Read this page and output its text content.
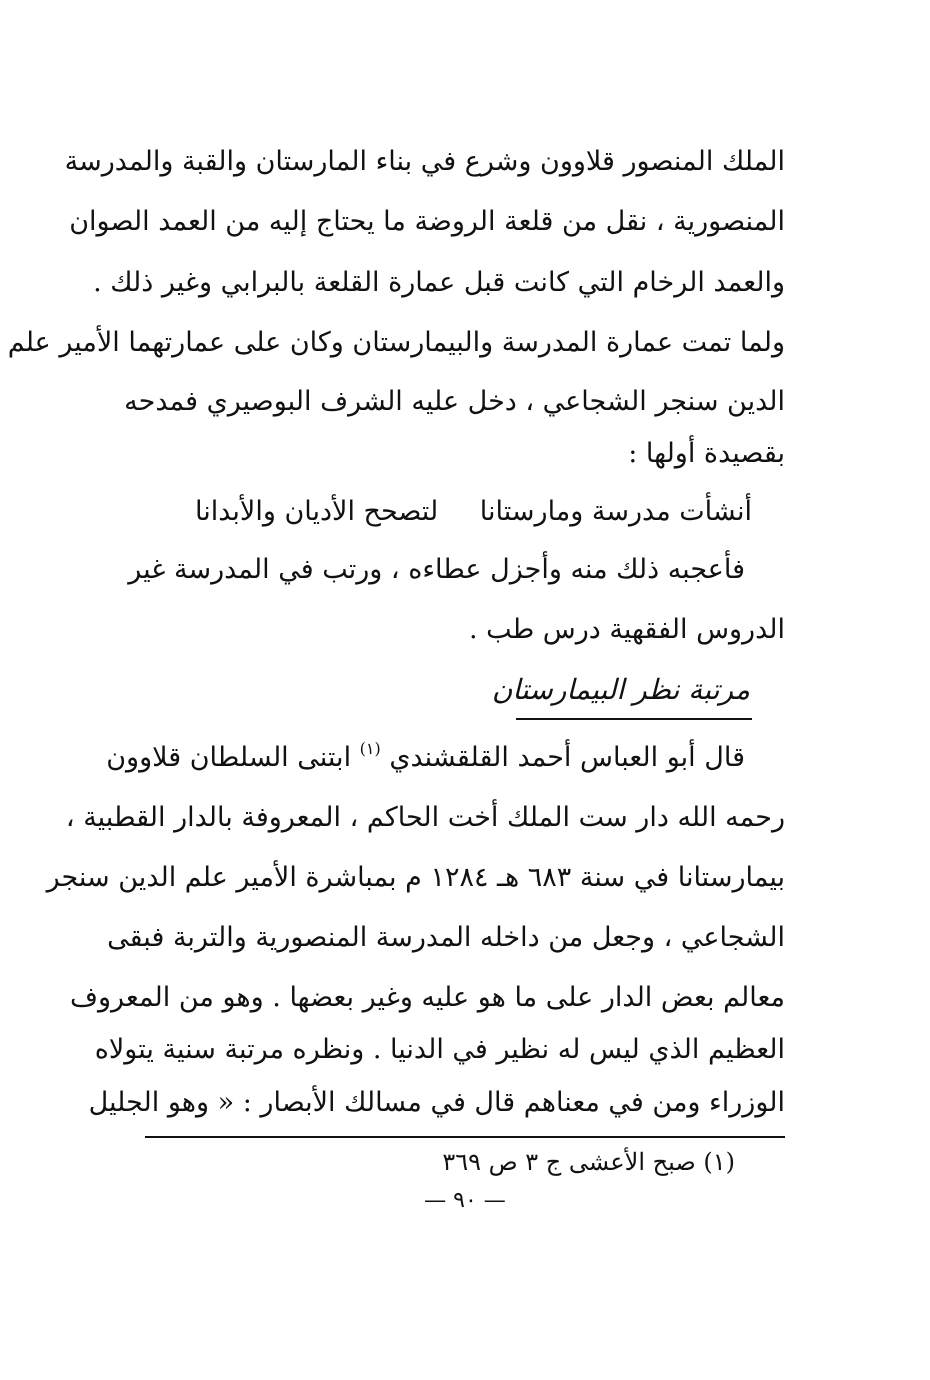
الملك المنصور قلاوون وشرع في بناء المارستان والقبة والمدرسة
المنصورية ، نقل من قلعة الروضة ما يحتاج إليه من العمد الصوان
والعمد الرخام التي كانت قبل عمارة القلعة بالبرابي وغير ذلك .
ولما تمت عمارة المدرسة والبيمارستان وكان على عمارتهما الأمير علم
الدين سنجر الشجاعي ، دخل عليه الشرف البوصيري فمدحه
بقصيدة أولها :
أنشأت مدرسة ومارستانا
لتصحح الأديان والأبدانا
فأعجبه ذلك منه وأجزل عطاءه ، ورتب في المدرسة غير
الدروس الفقهية درس طب .
مرتبة نظر البيمارستان
قال أبو العباس أحمد القلقشندي $^{(١)}$ ابتنى السلطان قلاوون
رحمه الله دار ست الملك أخت الحاكم ، المعروفة بالدار القطبية ،
بيمارستانا في سنة ٦٨٣ هـ ١٢٨٤ م بمباشرة الأمير علم الدين سنجر
الشجاعي ، وجعل من داخله المدرسة المنصورية والتربة فبقى
معالم بعض الدار على ما هو عليه وغير بعضها . وهو من المعروف
العظيم الذي ليس له نظير في الدنيا . ونظره مرتبة سنية يتولاه
الوزراء ومن في معناهم قال في مسالك الأبصار : « وهو الجليل
(١) صبح الأعشى ج ٣ ص ٣٦٩
— ٩٠ —
